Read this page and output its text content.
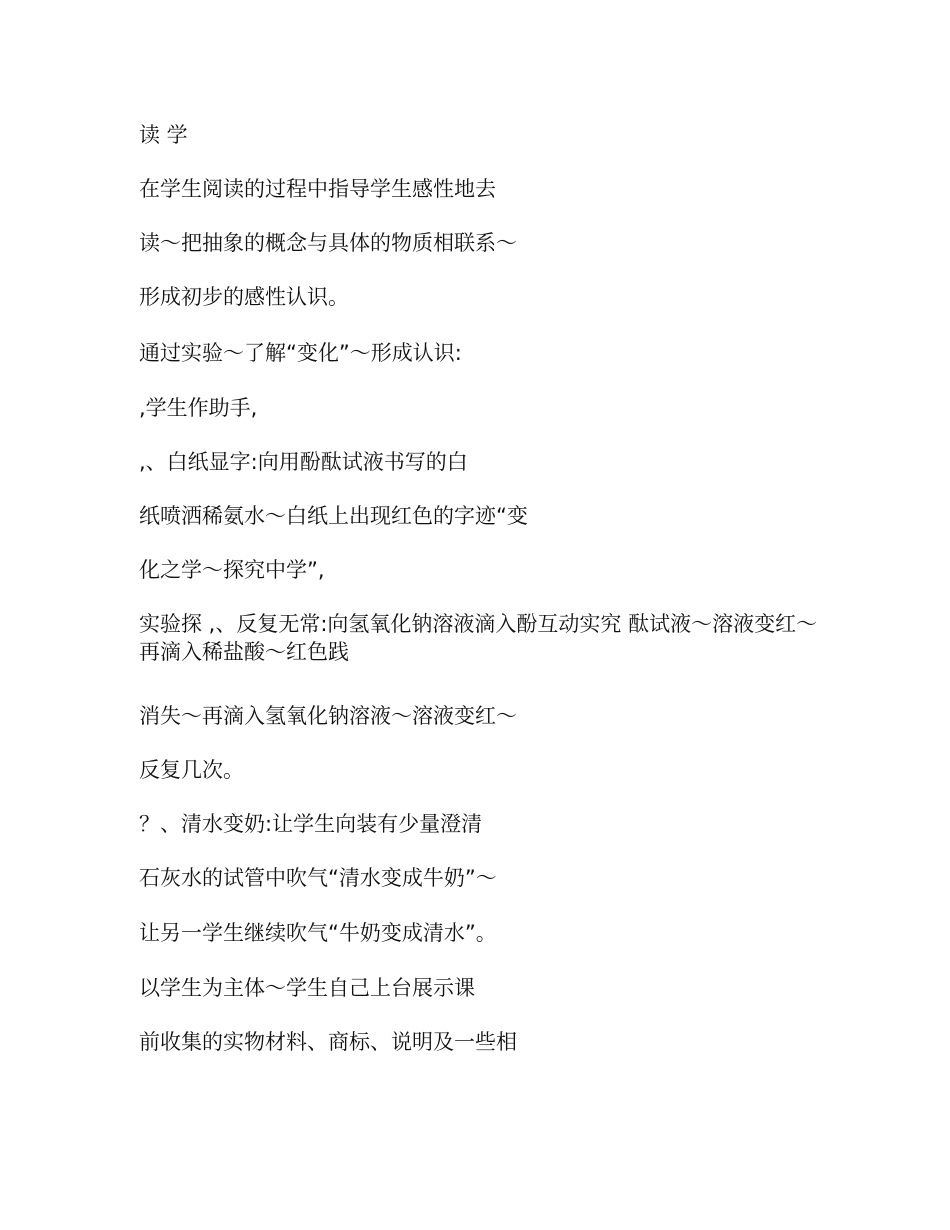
读 学

在学生阅读的过程中指导学生感性地去

读～把抽象的概念与具体的物质相联系～

形成初步的感性认识。

通过实验～了解“变化”～形成认识:

,学生作助手,

,、白纸显字:向用酚酞试液书写的白

纸喷洒稀氨水～白纸上出现红色的字迹“变

化之学～探究中学”,

实验探 ,、反复无常:向氢氧化钠溶液滴入酚互动实究 酞试液～溶液变红～再滴入稀盐酸～红色践

消失～再滴入氢氧化钠溶液～溶液变红～

反复几次。

？、清水变奶:让学生向装有少量澄清

石灰水的试管中吹气“清水变成牛奶”～

让另一学生继续吹气“牛奶变成清水”。

以学生为主体～学生自己上台展示课

前收集的实物材料、商标、说明及一些相
